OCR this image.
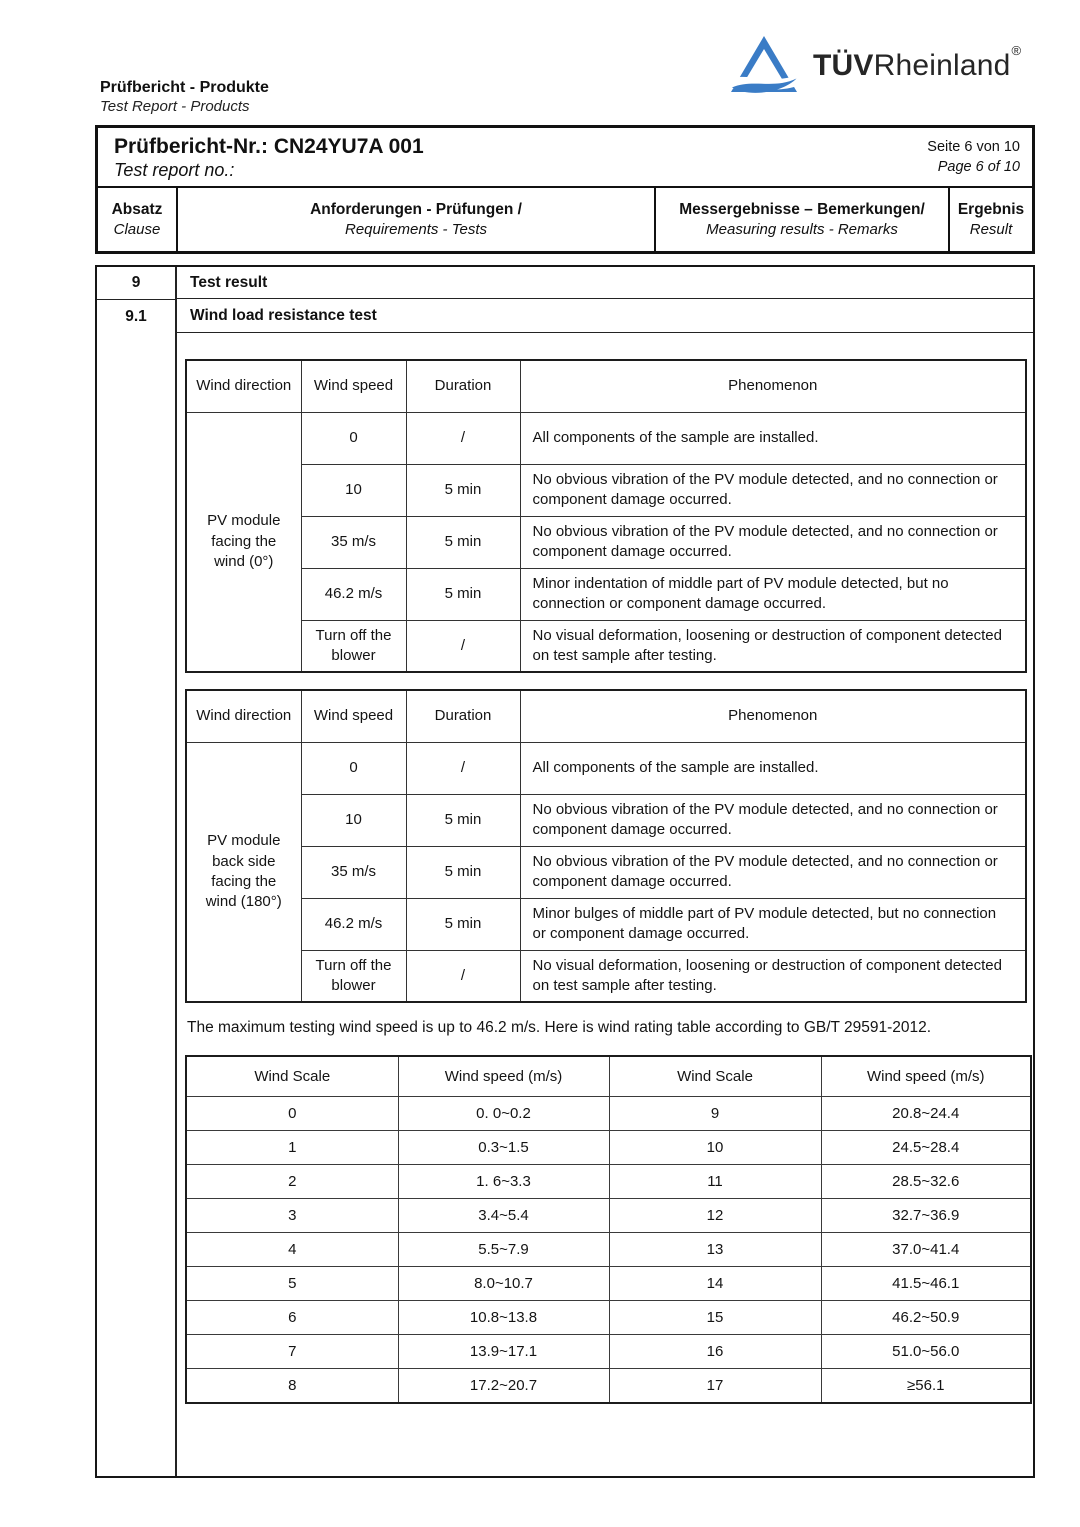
Prüfbericht - Produkte
Test Report - Products
TÜVRheinland®
Prüfbericht-Nr.: CN24YU7A 001
Test report no.:
Seite 6 von 10
Page 6 of 10
Absatz
Clause
Anforderungen - Prüfungen /
Requirements - Tests
Messergebnisse – Bemerkungen/
Measuring results - Remarks
Ergebnis
Result
9
9.1
Test result
Wind load resistance test
Wind direction	Wind speed	Duration	Phenomenon
PV module facing the wind (0°)	0	/	All components of the sample are installed.
	10	5 min	No obvious vibration of the PV module detected, and no connection or component damage occurred.
	35 m/s	5 min	No obvious vibration of the PV module detected, and no connection or component damage occurred.
	46.2 m/s	5 min	Minor indentation of middle part of PV module detected, but no connection or component damage occurred.
	Turn off the blower	/	No visual deformation, loosening or destruction of component detected on test sample after testing.
Wind direction	Wind speed	Duration	Phenomenon
PV module back side facing the wind (180°)	0	/	All components of the sample are installed.
	10	5 min	No obvious vibration of the PV module detected, and no connection or component damage occurred.
	35 m/s	5 min	No obvious vibration of the PV module detected, and no connection or component damage occurred.
	46.2 m/s	5 min	Minor bulges of middle part of PV module detected, but no connection or component damage occurred.
	Turn off the blower	/	No visual deformation, loosening or destruction of component detected on test sample after testing.

The maximum testing wind speed is up to 46.2 m/s. Here is wind rating table according to GB/T 29591-2012.

Wind Scale	Wind speed (m/s)	Wind Scale	Wind speed (m/s)
0	0. 0~0.2	9	20.8~24.4
1	0.3~1.5	10	24.5~28.4
2	1. 6~3.3	11	28.5~32.6
3	3.4~5.4	12	32.7~36.9
4	5.5~7.9	13	37.0~41.4
5	8.0~10.7	14	41.5~46.1
6	10.8~13.8	15	46.2~50.9
7	13.9~17.1	16	51.0~56.0
8	17.2~20.7	17	≥56.1
